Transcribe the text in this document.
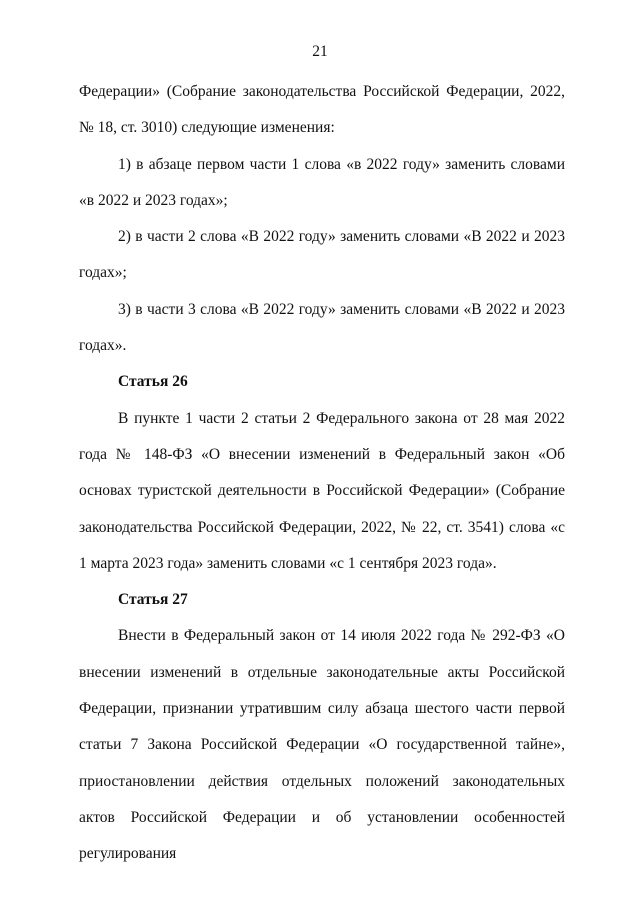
21

Федерации» (Собрание законодательства Российской Федерации, 2022, № 18, ст. 3010) следующие изменения:

1) в абзаце первом части 1 слова «в 2022 году» заменить словами «в 2022 и 2023 годах»;

2) в части 2 слова «В 2022 году» заменить словами «В 2022 и 2023 годах»;

3) в части 3 слова «В 2022 году» заменить словами «В 2022 и 2023 годах».

Статья 26

В пункте 1 части 2 статьи 2 Федерального закона от 28 мая 2022 года № 148-ФЗ «О внесении изменений в Федеральный закон «Об основах туристской деятельности в Российской Федерации» (Собрание законодательства Российской Федерации, 2022, № 22, ст. 3541) слова «с 1 марта 2023 года» заменить словами «с 1 сентября 2023 года».

Статья 27

Внести в Федеральный закон от 14 июля 2022 года № 292-ФЗ «О внесении изменений в отдельные законодательные акты Российской Федерации, признании утратившим силу абзаца шестого части первой статьи 7 Закона Российской Федерации «О государственной тайне», приостановлении действия отдельных положений законодательных актов Российской Федерации и об установлении особенностей регулирования
